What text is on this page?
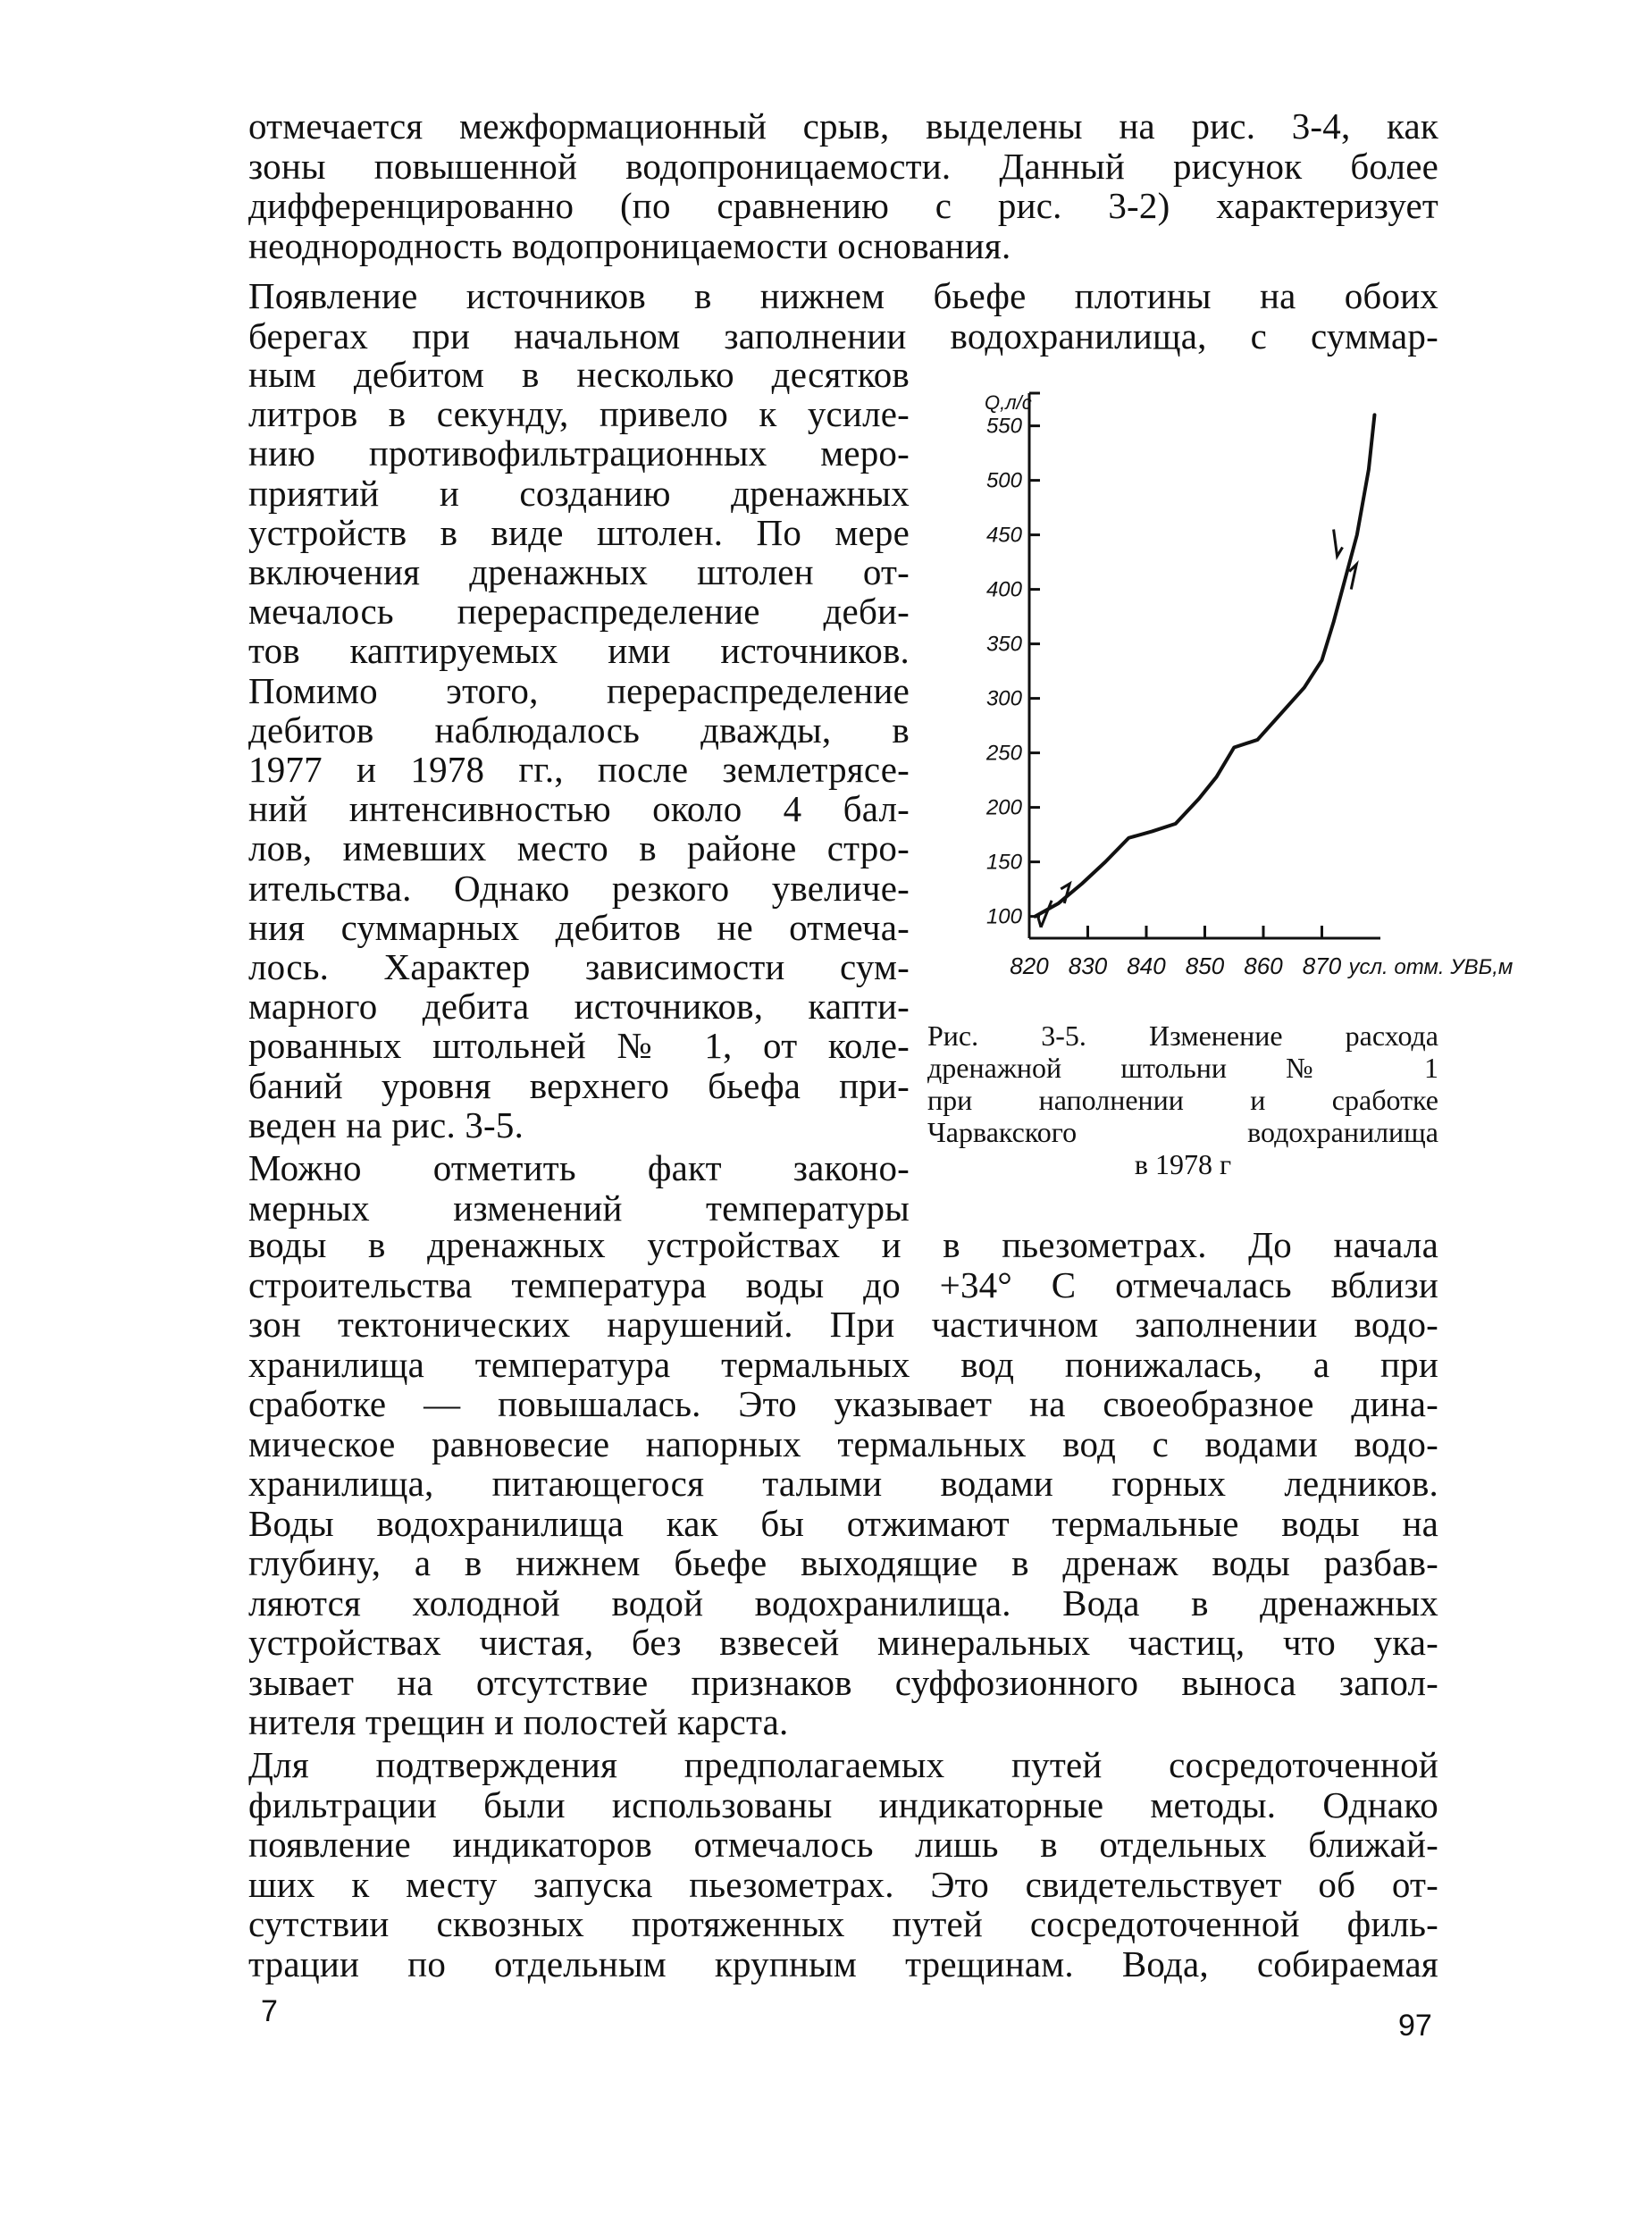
отмечается межформационный срыв, выделены на рис. 3-4, как
зоны повышенной водопроницаемости. Данный рисунок более
дифференцированно (по сравнению с рис. 3-2) характеризует
неоднородность водопроницаемости основания.
Появление источников в нижнем бьефе плотины на обоих
берегах при начальном заполнении водохранилища, с суммар-
ным дебитом в несколько десятков
литров в секунду, привело к усиле-
нию противофильтрационных меро-
приятий и созданию дренажных
устройств в виде штолен. По мере
включения дренажных штолен от-
мечалось перераспределение деби-
тов каптируемых ими источников.
Помимо этого, перераспределение
дебитов наблюдалось дважды, в
1977 и 1978 гг., после землетрясе-
ний интенсивностью около 4 бал-
лов, имевших место в районе стро-
ительства. Однако резкого увеличе-
ния суммарных дебитов не отмеча-
лось. Характер зависимости сум-
марного дебита источников, капти-
рованных штольней № 1, от коле-
баний уровня верхнего бьефа при-
веден на рис. 3-5.
Можно отметить факт законо-
мерных изменений температуры
воды в дренажных устройствах и в пьезометрах. До начала
строительства температура воды до +34° С отмечалась вблизи
зон тектонических нарушений. При частичном заполнении водо-
хранилища температура термальных вод понижалась, а при
сработке — повышалась. Это указывает на своеобразное дина-
мическое равновесие напорных термальных вод с водами водо-
хранилища, питающегося талыми водами горных ледников.
Воды водохранилища как бы отжимают термальные воды на
глубину, а в нижнем бьефе выходящие в дренаж воды разбав-
ляются холодной водой водохранилища. Вода в дренажных
устройствах чистая, без взвесей минеральных частиц, что ука-
зывает на отсутствие признаков суффозионного выноса запол-
нителя трещин и полостей карста.
Для подтверждения предполагаемых путей сосредоточенной
фильтрации были использованы индикаторные методы. Однако
появление индикаторов отмечалось лишь в отдельных ближай-
ших к месту запуска пьезометрах. Это свидетельствует об от-
сутствии сквозных протяженных путей сосредоточенной филь-
трации по отдельным крупным трещинам. Вода, собираемая
Q,л/с
100
150
200
250
300
350
400
450
500
550
820 830 840 850 860 870 усл. отм. УВБ,м
Рис. 3-5. Изменение расхода
дренажной штольни № 1
при наполнении и сработке
Чарвакского водохранилища
в 1978 г
7	97
